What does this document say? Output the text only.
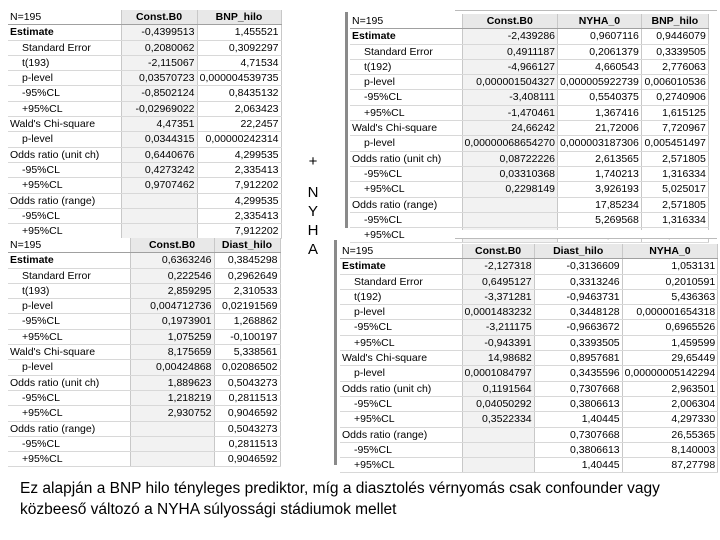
N=195	Const.B0	BNP_hilo
Estimate	-0,4399513	1,455521
Standard Error	0,2080062	0,3092297
t(193)	-2,115067	4,71534
p-level	0,03570723	0,000004539735
-95%CL	-0,8502124	0,8435132
+95%CL	-0,02969022	2,063423
Wald's Chi-square	4,47351	22,2457
p-level	0,0344315	0,00000242314
Odds ratio (unit ch)	0,6440676	4,299535
-95%CL	0,4273242	2,335413
+95%CL	0,9707462	7,912202
Odds ratio (range)		4,299535
-95%CL		2,335413
+95%CL		7,912202
N=195	Const.B0	NYHA_0	BNP_hilo
Estimate	-2,439286	0,9607116	0,9446079
Standard Error	0,4911187	0,2061379	0,3339505
t(192)	-4,966127	4,660543	2,776063
p-level	0,000001504327	0,000005922739	0,006010536
-95%CL	-3,408111	0,5540375	0,2740906
+95%CL	-1,470461	1,367416	1,615125
Wald's Chi-square	24,66242	21,72006	7,720967
p-level	0,00000068654270	0,000003187306	0,005451497
Odds ratio (unit ch)	0,08722226	2,613565	2,571805
-95%CL	0,03310368	1,740213	1,316334
+95%CL	0,2298149	3,926193	5,025017
Odds ratio (range)		17,85234	2,571805
-95%CL		5,269568	1,316334
+95%CL			
+
N
Y
H
A
N=195	Const.B0	Diast_hilo
Estimate	0,6363246	0,3845298
Standard Error	0,222546	0,2962649
t(193)	2,859295	2,310533
p-level	0,004712736	0,02191569
-95%CL	0,1973901	1,268862
+95%CL	1,075259	-0,100197
Wald's Chi-square	8,175659	5,338561
p-level	0,00424868	0,02086502
Odds ratio (unit ch)	1,889623	0,5043273
-95%CL	1,218219	0,2811513
+95%CL	2,930752	0,9046592
Odds ratio (range)		0,5043273
-95%CL		0,2811513
+95%CL		0,9046592
N=195	Const.B0	Diast_hilo	NYHA_0
Estimate	-2,127318	-0,3136609	1,053131
Standard Error	0,6495127	0,3313246	0,2010591
t(192)	-3,371281	-0,9463731	5,436363
p-level	0,0001483232	0,3448128	0,000001654318
-95%CL	-3,211175	-0,9663672	0,6965526
+95%CL	-0,943391	0,3393505	1,459599
Wald's Chi-square	14,98682	0,8957681	29,65449
p-level	0,0001084797	0,3435596	0,00000005142294
Odds ratio (unit ch)	0,1191564	0,7307668	2,963501
-95%CL	0,04050292	0,3806613	2,006304
+95%CL	0,3522334	1,40445	4,297330
Odds ratio (range)		0,7307668	26,55365
-95%CL		0,3806613	8,140003
+95%CL		1,40445	87,27798
Ez alapján a BNP hilo tényleges prediktor, míg a diasztolés vérnyomás csak confounder vagy közbeeső változó a NYHA súlyossági stádiumok mellet
